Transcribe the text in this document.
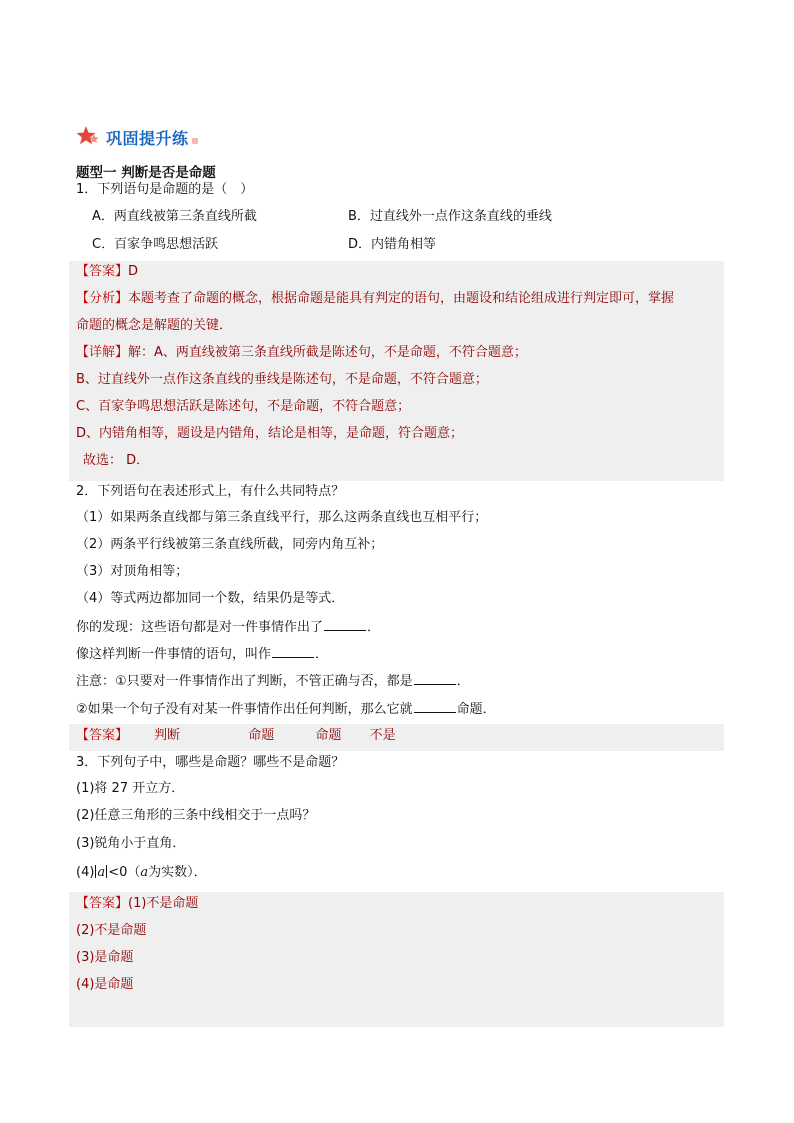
巩固提升练
题型一 判断是否是命题
1．下列语句是命题的是（　）
A．两直线被第三条直线所截	B．过直线外一点作这条直线的垂线
C．百家争鸣思想活跃	D．内错角相等
【答案】D
【分析】本题考查了命题的概念，根据命题是能具有判定的语句，由题设和结论组成进行判定即可，掌握
命题的概念是解题的关键．
【详解】解：A、两直线被第三条直线所截是陈述句，不是命题，不符合题意；
B、过直线外一点作这条直线的垂线是陈述句，不是命题，不符合题意；
C、百家争鸣思想活跃是陈述句，不是命题，不符合题意；
D、内错角相等，题设是内错角，结论是相等，是命题，符合题意；
故选： D．
2．下列语句在表述形式上，有什么共同特点？
（1）如果两条直线都与第三条直线平行，那么这两条直线也互相平行；
（2）两条平行线被第三条直线所截，同旁内角互补；
（3）对顶角相等；
（4）等式两边都加同一个数，结果仍是等式．
你的发现：这些语句都是对一件事情作出了	．
像这样判断一件事情的语句，叫作	．
注意：①只要对一件事情作出了判断，不管正确与否，都是	．
②如果一个句子没有对某一件事情作出任何判断，那么它就	命题．
【答案】 判断	命题	命题 不是
3．下列句子中，哪些是命题？哪些不是命题？
(1)将 27 开立方．
(2)任意三角形的三条中线相交于一点吗？
(3)锐角小于直角．
(4) a <0（a为实数）．
【答案】(1)不是命题
(2)不是命题
(3)是命题
(4)是命题
